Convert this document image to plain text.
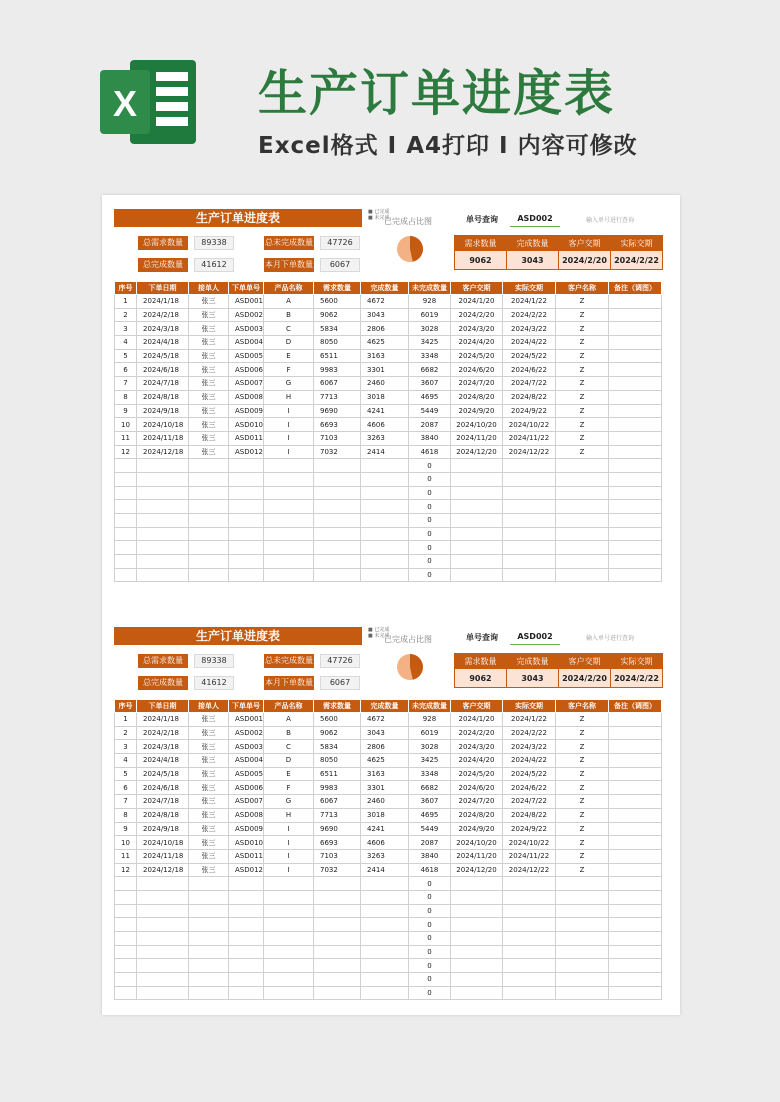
X 生产订单进度表
Excel格式 I A4打印 I 内容可修改
生产订单进度表
总需求数量	89338	总未完成数量	47726
总完成数量	41612	本月下单数量	6067
■ 已完成
■ 未完成
已完成占比图	单号查询	ASD002	输入单号进行查询
需求数量	完成数量	客户交期	实际交期
9062	3043	2024/2/20	2024/2/22
序号	下单日期	接单人	下单单号	产品名称	需求数量	完成数量	未完成数量	客户交期	实际交期	客户名称	备注（调图）
1	2024/1/18	张三	ASD001	A	5600	4672	928	2024/1/20	2024/1/22	Z	
2	2024/2/18	张三	ASD002	B	9062	3043	6019	2024/2/20	2024/2/22	Z	
3	2024/3/18	张三	ASD003	C	5834	2806	3028	2024/3/20	2024/3/22	Z	
4	2024/4/18	张三	ASD004	D	8050	4625	3425	2024/4/20	2024/4/22	Z	
5	2024/5/18	张三	ASD005	E	6511	3163	3348	2024/5/20	2024/5/22	Z	
6	2024/6/18	张三	ASD006	F	9983	3301	6682	2024/6/20	2024/6/22	Z	
7	2024/7/18	张三	ASD007	G	6067	2460	3607	2024/7/20	2024/7/22	Z	
8	2024/8/18	张三	ASD008	H	7713	3018	4695	2024/8/20	2024/8/22	Z	
9	2024/9/18	张三	ASD009	I	9690	4241	5449	2024/9/20	2024/9/22	Z	
10	2024/10/18	张三	ASD010	I	6693	4606	2087	2024/10/20	2024/10/22	Z	
11	2024/11/18	张三	ASD011	I	7103	3263	3840	2024/11/20	2024/11/22	Z	
12	2024/12/18	张三	ASD012	I	7032	2414	4618	2024/12/20	2024/12/22	Z	
							0				
							0				
							0				
							0				
							0				
							0				
							0				
							0				
							0				
生产订单进度表
总需求数量	89338	总未完成数量	47726
总完成数量	41612	本月下单数量	6067
■ 已完成
■ 未完成
已完成占比图	单号查询	ASD002	输入单号进行查询
需求数量	完成数量	客户交期	实际交期
9062	3043	2024/2/20	2024/2/22
序号	下单日期	接单人	下单单号	产品名称	需求数量	完成数量	未完成数量	客户交期	实际交期	客户名称	备注（调图）
1	2024/1/18	张三	ASD001	A	5600	4672	928	2024/1/20	2024/1/22	Z	
2	2024/2/18	张三	ASD002	B	9062	3043	6019	2024/2/20	2024/2/22	Z	
3	2024/3/18	张三	ASD003	C	5834	2806	3028	2024/3/20	2024/3/22	Z	
4	2024/4/18	张三	ASD004	D	8050	4625	3425	2024/4/20	2024/4/22	Z	
5	2024/5/18	张三	ASD005	E	6511	3163	3348	2024/5/20	2024/5/22	Z	
6	2024/6/18	张三	ASD006	F	9983	3301	6682	2024/6/20	2024/6/22	Z	
7	2024/7/18	张三	ASD007	G	6067	2460	3607	2024/7/20	2024/7/22	Z	
8	2024/8/18	张三	ASD008	H	7713	3018	4695	2024/8/20	2024/8/22	Z	
9	2024/9/18	张三	ASD009	I	9690	4241	5449	2024/9/20	2024/9/22	Z	
10	2024/10/18	张三	ASD010	I	6693	4606	2087	2024/10/20	2024/10/22	Z	
11	2024/11/18	张三	ASD011	I	7103	3263	3840	2024/11/20	2024/11/22	Z	
12	2024/12/18	张三	ASD012	I	7032	2414	4618	2024/12/20	2024/12/22	Z	
							0				
							0				
							0				
							0				
							0				
							0				
							0				
							0				
							0				
